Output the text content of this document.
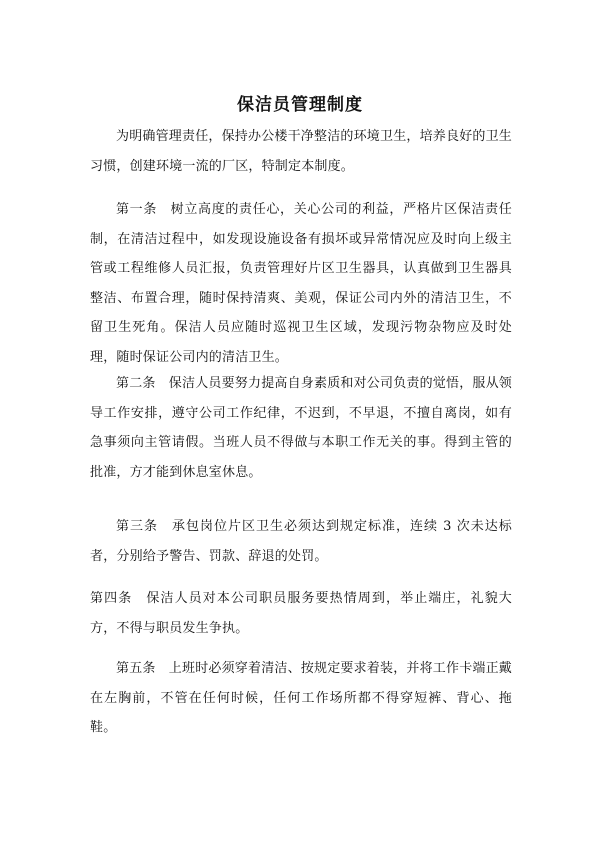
保洁员管理制度

为明确管理责任，保持办公楼干净整洁的环境卫生，培养良好的卫生习惯，创建环境一流的厂区，特制定本制度。

第一条　树立高度的责任心，关心公司的利益，严格片区保洁责任制，在清洁过程中，如发现设施设备有损坏或异常情况应及时向上级主管或工程维修人员汇报，负责管理好片区卫生器具，认真做到卫生器具整洁、布置合理，随时保持清爽、美观，保证公司内外的清洁卫生，不留卫生死角。保洁人员应随时巡视卫生区域，发现污物杂物应及时处理，随时保证公司内的清洁卫生。

第二条　保洁人员要努力提高自身素质和对公司负责的觉悟，服从领导工作安排，遵守公司工作纪律，不迟到，不早退，不擅自离岗，如有急事须向主管请假。当班人员不得做与本职工作无关的事。得到主管的批准，方才能到休息室休息。

第三条　承包岗位片区卫生必须达到规定标准，连续 3 次未达标者，分别给予警告、罚款、辞退的处罚。

第四条　保洁人员对本公司职员服务要热情周到，举止端庄，礼貌大方，不得与职员发生争执。

第五条　上班时必须穿着清洁、按规定要求着装，并将工作卡端正戴在左胸前，不管在任何时候，任何工作场所都不得穿短裤、背心、拖鞋。
